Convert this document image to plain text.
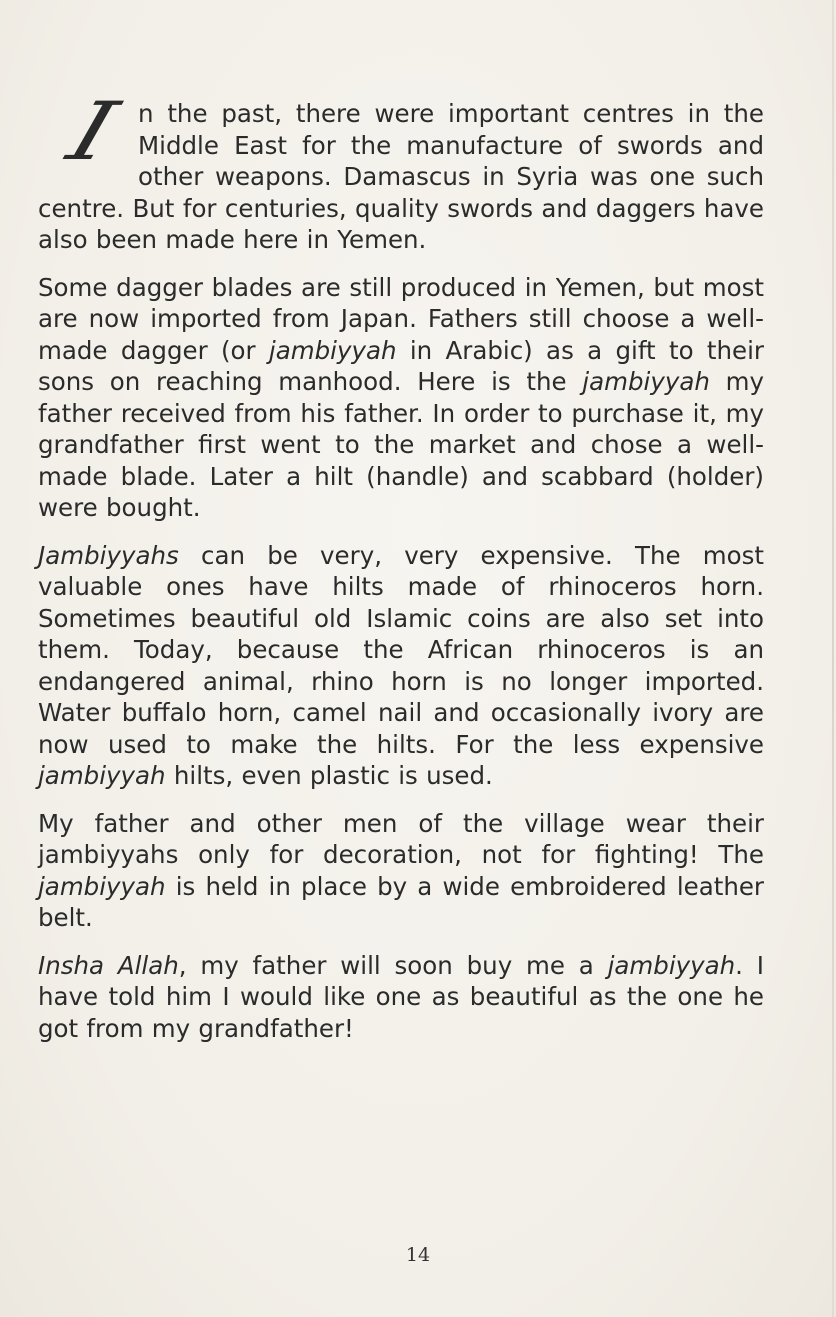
In the past, there were important centres in the Middle East for the manufacture of swords and other weapons. Damascus in Syria was one such centre. But for centuries, quality swords and daggers have also been made here in Yemen.

Some dagger blades are still produced in Yemen, but most are now imported from Japan. Fathers still choose a well-made dagger (or jambiyyah in Arabic) as a gift to their sons on reaching manhood. Here is the jambiyyah my father received from his father. In order to purchase it, my grandfather first went to the market and chose a well-made blade. Later a hilt (handle) and scabbard (holder) were bought.

Jambiyyahs can be very, very expensive. The most valuable ones have hilts made of rhinoceros horn. Sometimes beautiful old Islamic coins are also set into them. Today, because the African rhinoceros is an endangered animal, rhino horn is no longer imported. Water buffalo horn, camel nail and occasionally ivory are now used to make the hilts. For the less expensive jambiyyah hilts, even plastic is used.

My father and other men of the village wear their jambiyyahs only for decoration, not for fighting! The jambiyyah is held in place by a wide embroidered leather belt.

Insha Allah, my father will soon buy me a jambiyyah. I have told him I would like one as beautiful as the one he got from my grandfather!

14
